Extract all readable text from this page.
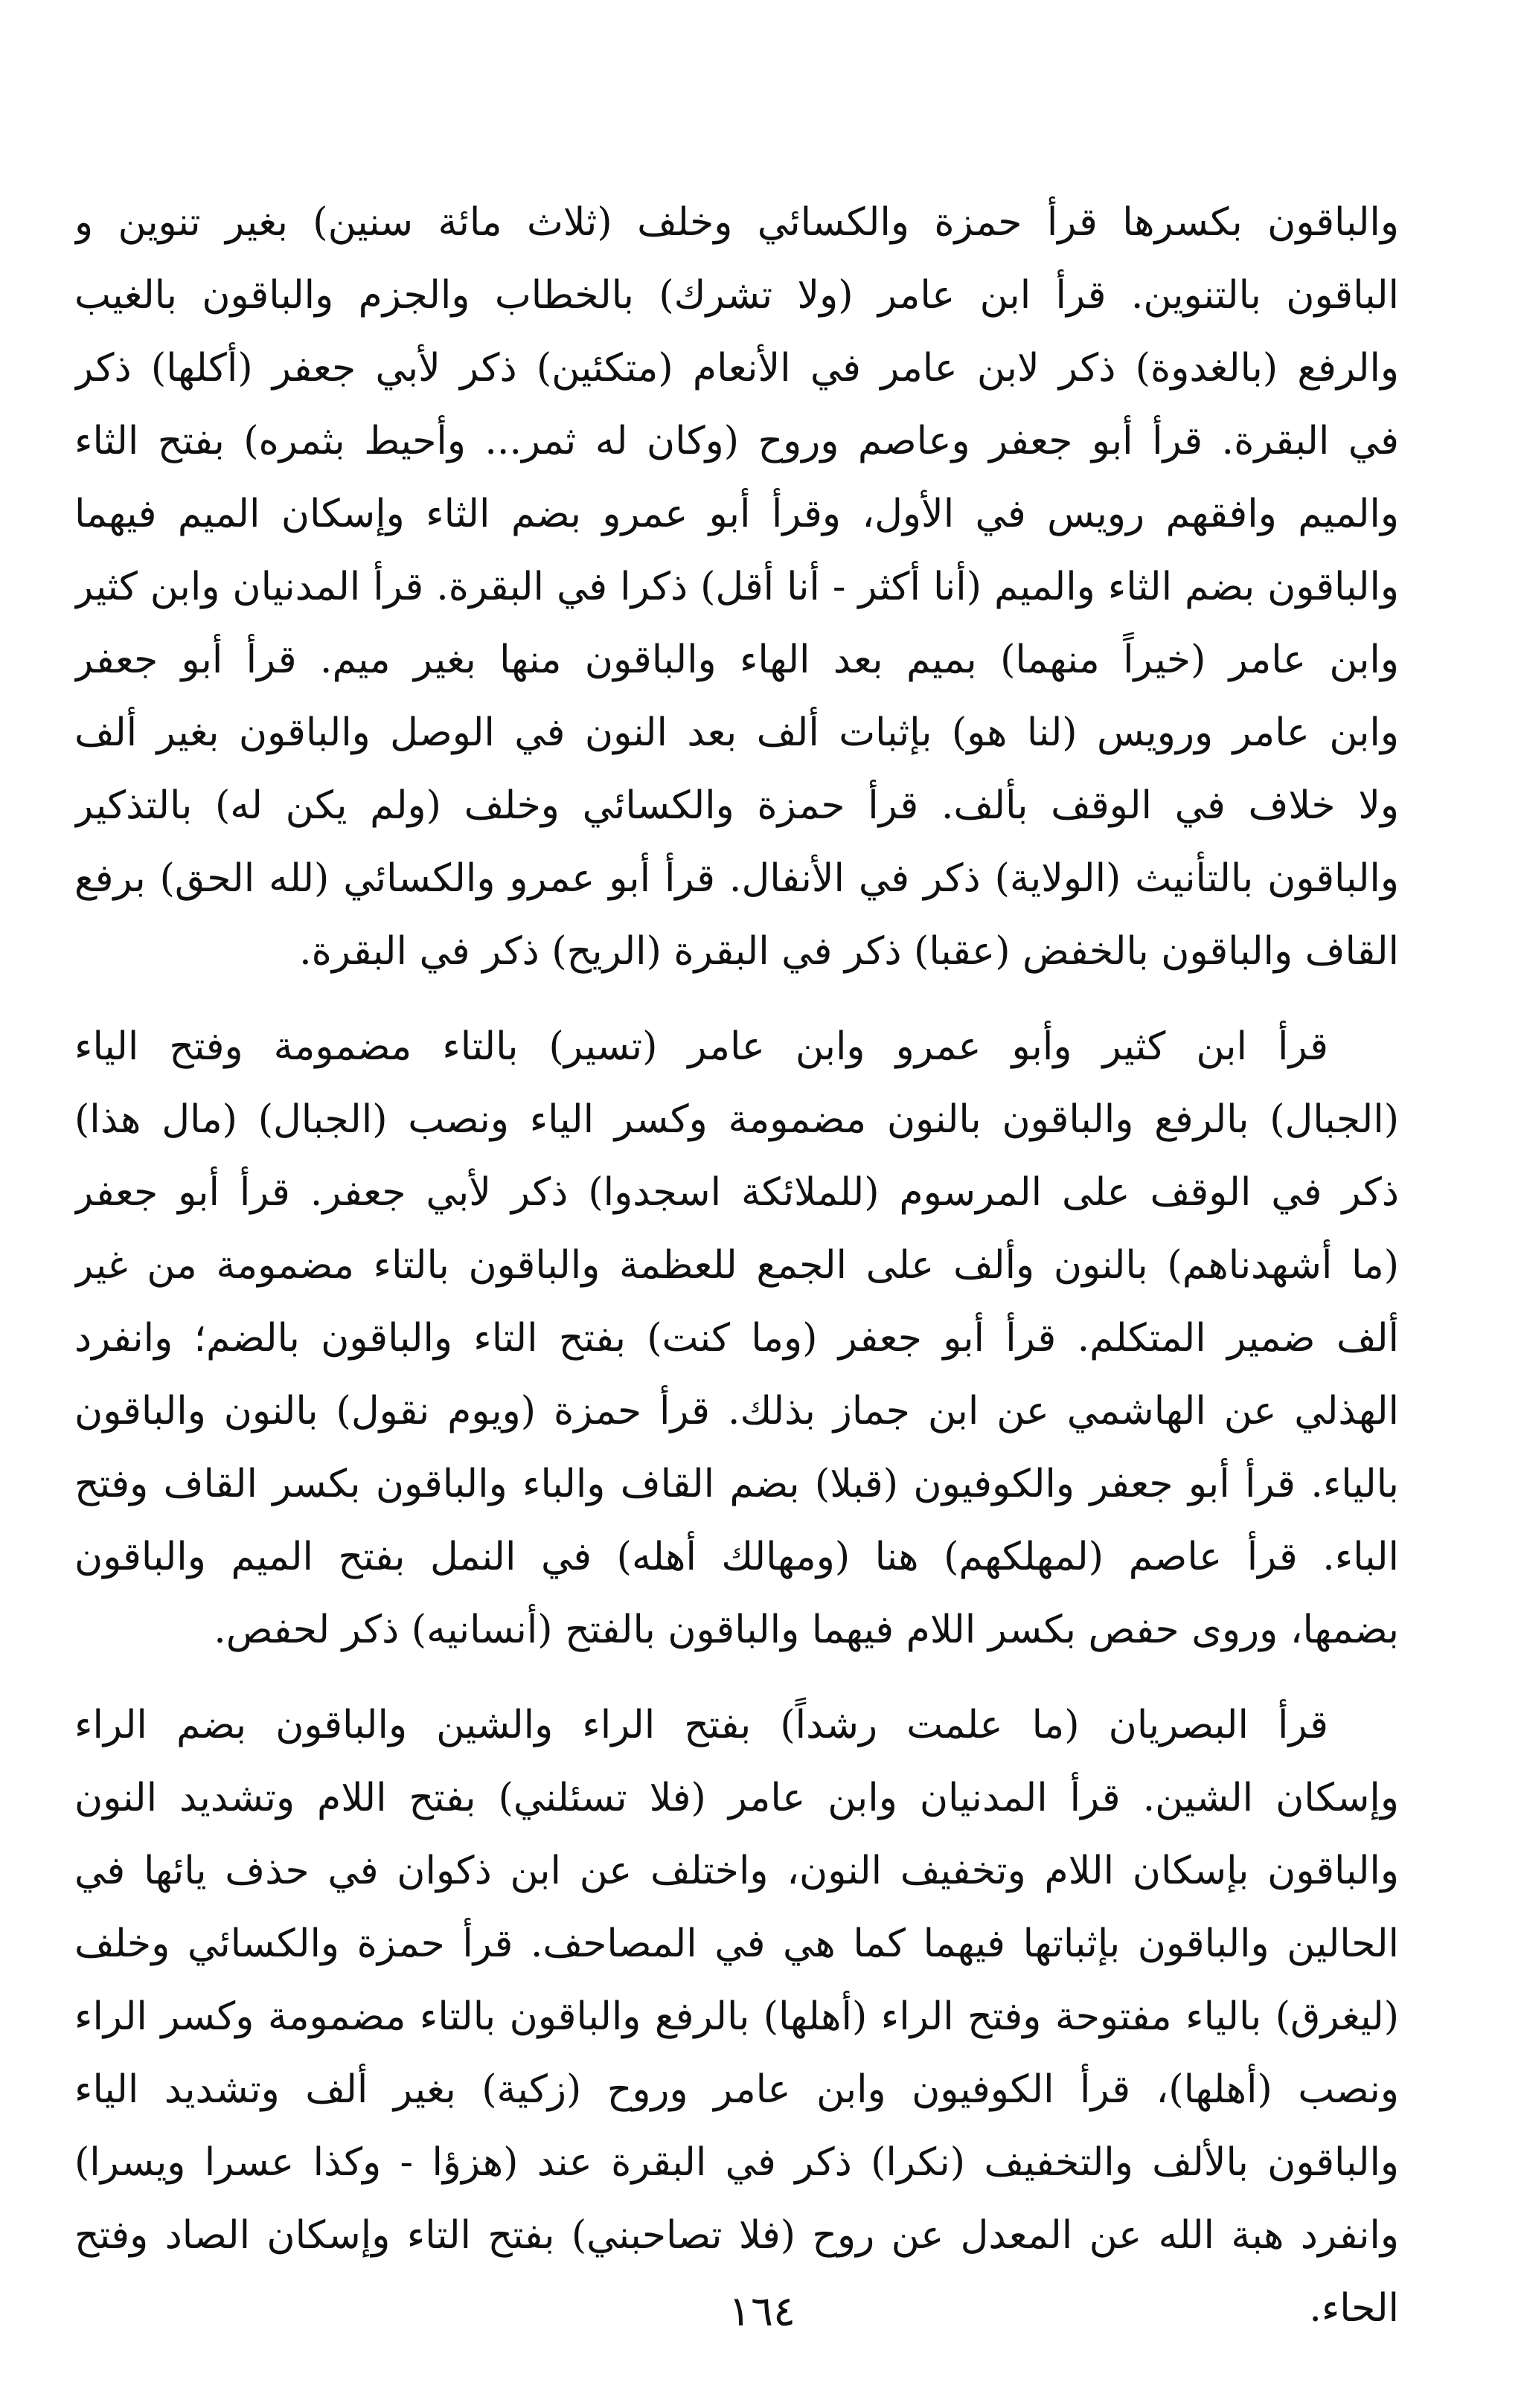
والباقون بكسرها قرأ حمزة والكسائي وخلف (ثلاث مائة سنين) بغير تنوين و
الباقون بالتنوين. قرأ ابن عامر (ولا تشرك) بالخطاب والجزم والباقون بالغيب
والرفع (بالغدوة) ذكر لابن عامر في الأنعام (متكئين) ذكر لأبي جعفر (أكلها) ذكر
في البقرة. قرأ أبو جعفر وعاصم وروح (وكان له ثمر... وأحيط بثمره) بفتح الثاء
والميم وافقهم رويس في الأول، وقرأ أبو عمرو بضم الثاء وإسكان الميم فيهما
والباقون بضم الثاء والميم (أنا أكثر - أنا أقل) ذكرا في البقرة. قرأ المدنيان وابن كثير
وابن عامر (خيراً منهما) بميم بعد الهاء والباقون منها بغير ميم. قرأ أبو جعفر
وابن عامر ورويس (لنا هو) بإثبات ألف بعد النون في الوصل والباقون بغير ألف
ولا خلاف في الوقف بألف. قرأ حمزة والكسائي وخلف (ولم يكن له) بالتذكير
والباقون بالتأنيث (الولاية) ذكر في الأنفال. قرأ أبو عمرو والكسائي (لله الحق) برفع
القاف والباقون بالخفض (عقبا) ذكر في البقرة (الريح) ذكر في البقرة.
قرأ ابن كثير وأبو عمرو وابن عامر (تسير) بالتاء مضمومة وفتح الياء
(الجبال) بالرفع والباقون بالنون مضمومة وكسر الياء ونصب (الجبال) (مال هذا)
ذكر في الوقف على المرسوم (للملائكة اسجدوا) ذكر لأبي جعفر. قرأ أبو جعفر
(ما أشهدناهم) بالنون وألف على الجمع للعظمة والباقون بالتاء مضمومة من غير
ألف ضمير المتكلم. قرأ أبو جعفر (وما كنت) بفتح التاء والباقون بالضم؛ وانفرد
الهذلي عن الهاشمي عن ابن جماز بذلك. قرأ حمزة (ويوم نقول) بالنون والباقون
بالياء. قرأ أبو جعفر والكوفيون (قبلا) بضم القاف والباء والباقون بكسر القاف وفتح
الباء. قرأ عاصم (لمهلكهم) هنا (ومهالك أهله) في النمل بفتح الميم والباقون
بضمها، وروى حفص بكسر اللام فيهما والباقون بالفتح (أنسانيه) ذكر لحفص.
قرأ البصريان (ما علمت رشداً) بفتح الراء والشين والباقون بضم الراء
وإسكان الشين. قرأ المدنيان وابن عامر (فلا تسئلني) بفتح اللام وتشديد النون
والباقون بإسكان اللام وتخفيف النون، واختلف عن ابن ذكوان في حذف يائها في
الحالين والباقون بإثباتها فيهما كما هي في المصاحف. قرأ حمزة والكسائي وخلف
(ليغرق) بالياء مفتوحة وفتح الراء (أهلها) بالرفع والباقون بالتاء مضمومة وكسر الراء
ونصب (أهلها)، قرأ الكوفيون وابن عامر وروح (زكية) بغير ألف وتشديد الياء
والباقون بالألف والتخفيف (نكرا) ذكر في البقرة عند (هزؤا - وكذا عسرا ويسرا)
وانفرد هبة الله عن المعدل عن روح (فلا تصاحبني) بفتح التاء وإسكان الصاد وفتح
الحاء.
١٦٤
